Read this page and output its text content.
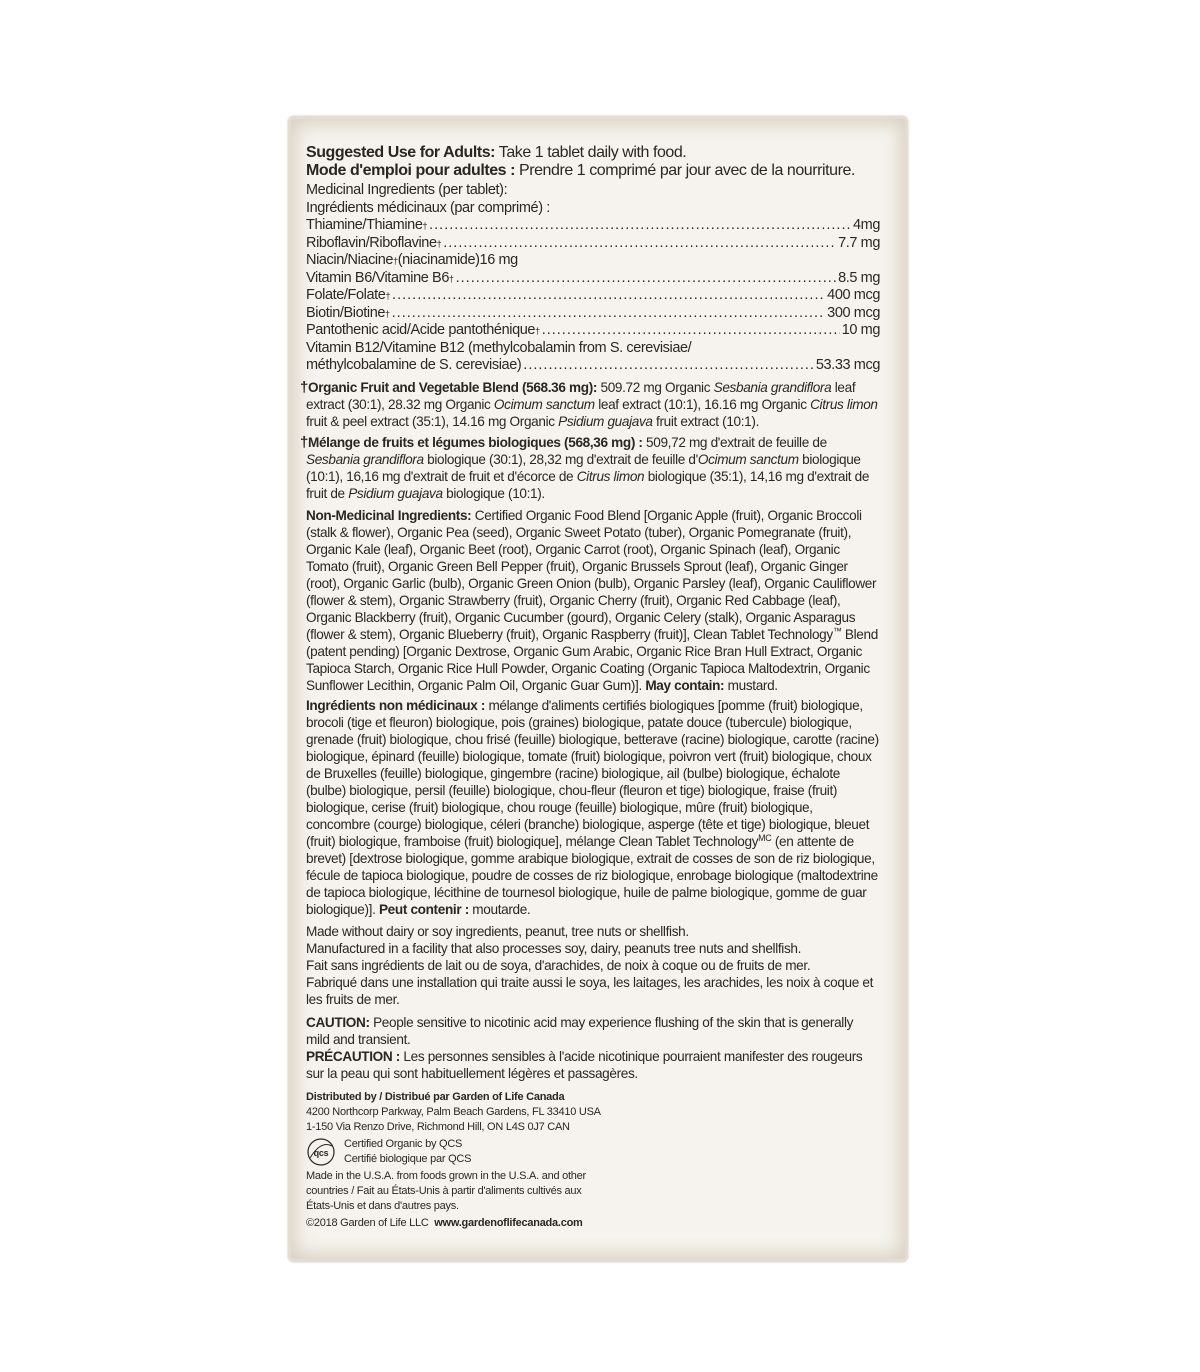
Suggested Use for Adults: Take 1 tablet daily with food.
Mode d'emploi pour adultes : Prendre 1 comprimé par jour avec de la nourriture.
Medicinal Ingredients (per tablet):
Ingrédients médicinaux (par comprimé) :
Thiamine/Thiamine † .....	4mg
Riboflavin/Riboflavine † .....	7.7 mg
Niacin/Niacine † (niacinamide)16 mg
Vitamin B6/Vitamine B6 † .....	8.5 mg
Folate/Folate † .....	400 mcg
Biotin/Biotine † .....	300 mcg
Pantothenic acid/Acide pantothénique † .....	10 mg
Vitamin B12/Vitamine B12 (methylcobalamin from S. cerevisiae/
méthylcobalamine de S. cerevisiae) .....	53.33 mcg
†Organic Fruit and Vegetable Blend (568.36 mg): 509.72 mg Organic Sesbania grandiflora leaf extract (30:1), 28.32 mg Organic Ocimum sanctum leaf extract (10:1), 16.16 mg Organic Citrus limon fruit & peel extract (35:1), 14.16 mg Organic Psidium guajava fruit extract (10:1).
†Mélange de fruits et légumes biologiques (568,36 mg) : 509,72 mg d'extrait de feuille de Sesbania grandiflora biologique (30:1), 28,32 mg d'extrait de feuille d'Ocimum sanctum biologique (10:1), 16,16 mg d'extrait de fruit et d'écorce de Citrus limon biologique (35:1), 14,16 mg d'extrait de fruit de Psidium guajava biologique (10:1).
Non-Medicinal Ingredients: Certified Organic Food Blend [Organic Apple (fruit), Organic Broccoli (stalk & flower), Organic Pea (seed), Organic Sweet Potato (tuber), Organic Pomegranate (fruit), Organic Kale (leaf), Organic Beet (root), Organic Carrot (root), Organic Spinach (leaf), Organic Tomato (fruit), Organic Green Bell Pepper (fruit), Organic Brussels Sprout (leaf), Organic Ginger (root), Organic Garlic (bulb), Organic Green Onion (bulb), Organic Parsley (leaf), Organic Cauliflower (flower & stem), Organic Strawberry (fruit), Organic Cherry (fruit), Organic Red Cabbage (leaf), Organic Blackberry (fruit), Organic Cucumber (gourd), Organic Celery (stalk), Organic Asparagus (flower & stem), Organic Blueberry (fruit), Organic Raspberry (fruit)], Clean Tablet Technology™ Blend (patent pending) [Organic Dextrose, Organic Gum Arabic, Organic Rice Bran Hull Extract, Organic Tapioca Starch, Organic Rice Hull Powder, Organic Coating (Organic Tapioca Maltodextrin, Organic Sunflower Lecithin, Organic Palm Oil, Organic Guar Gum)]. May contain: mustard.
Ingrédients non médicinaux : mélange d'aliments certifiés biologiques [pomme (fruit) biologique, brocoli (tige et fleuron) biologique, pois (graines) biologique, patate douce (tubercule) biologique, grenade (fruit) biologique, chou frisé (feuille) biologique, betterave (racine) biologique, carotte (racine) biologique, épinard (feuille) biologique, tomate (fruit) biologique, poivron vert (fruit) biologique, choux de Bruxelles (feuille) biologique, gingembre (racine) biologique, ail (bulbe) biologique, échalote (bulbe) biologique, persil (feuille) biologique, chou-fleur (fleuron et tige) biologique, fraise (fruit) biologique, cerise (fruit) biologique, chou rouge (feuille) biologique, mûre (fruit) biologique, concombre (courge) biologique, céleri (branche) biologique, asperge (tête et tige) biologique, bleuet (fruit) biologique, framboise (fruit) biologique], mélange Clean Tablet Technology$^{MC}$ (en attente de brevet) [dextrose biologique, gomme arabique biologique, extrait de cosses de son de riz biologique, fécule de tapioca biologique, poudre de cosses de riz biologique, enrobage biologique (maltodextrine de tapioca biologique, lécithine de tournesol biologique, huile de palme biologique, gomme de guar biologique)]. Peut contenir : moutarde.
Made without dairy or soy ingredients, peanut, tree nuts or shellfish.
Manufactured in a facility that also processes soy, dairy, peanuts tree nuts and shellfish.
Fait sans ingrédients de lait ou de soya, d'arachides, de noix à coque ou de fruits de mer.
Fabriqué dans une installation qui traite aussi le soya, les laitages, les arachides, les noix à coque et les fruits de mer.
CAUTION: People sensitive to nicotinic acid may experience flushing of the skin that is generally mild and transient.
PRÉCAUTION : Les personnes sensibles à l'acide nicotinique pourraient manifester des rougeurs sur la peau qui sont habituellement légères et passagères.
Distributed by / Distribué par Garden of Life Canada
4200 Northcorp Parkway, Palm Beach Gardens, FL 33410 USA
1-150 Via Renzo Drive, Richmond Hill, ON L4S 0J7 CAN
qcs
Certified Organic by QCS
Certifié biologique par QCS
Made in the U.S.A. from foods grown in the U.S.A. and other countries / Fait au États-Unis à partir d'aliments cultivés aux États-Unis et dans d'autres pays.
©2018 Garden of Life LLC www.gardenoflifecanada.com
